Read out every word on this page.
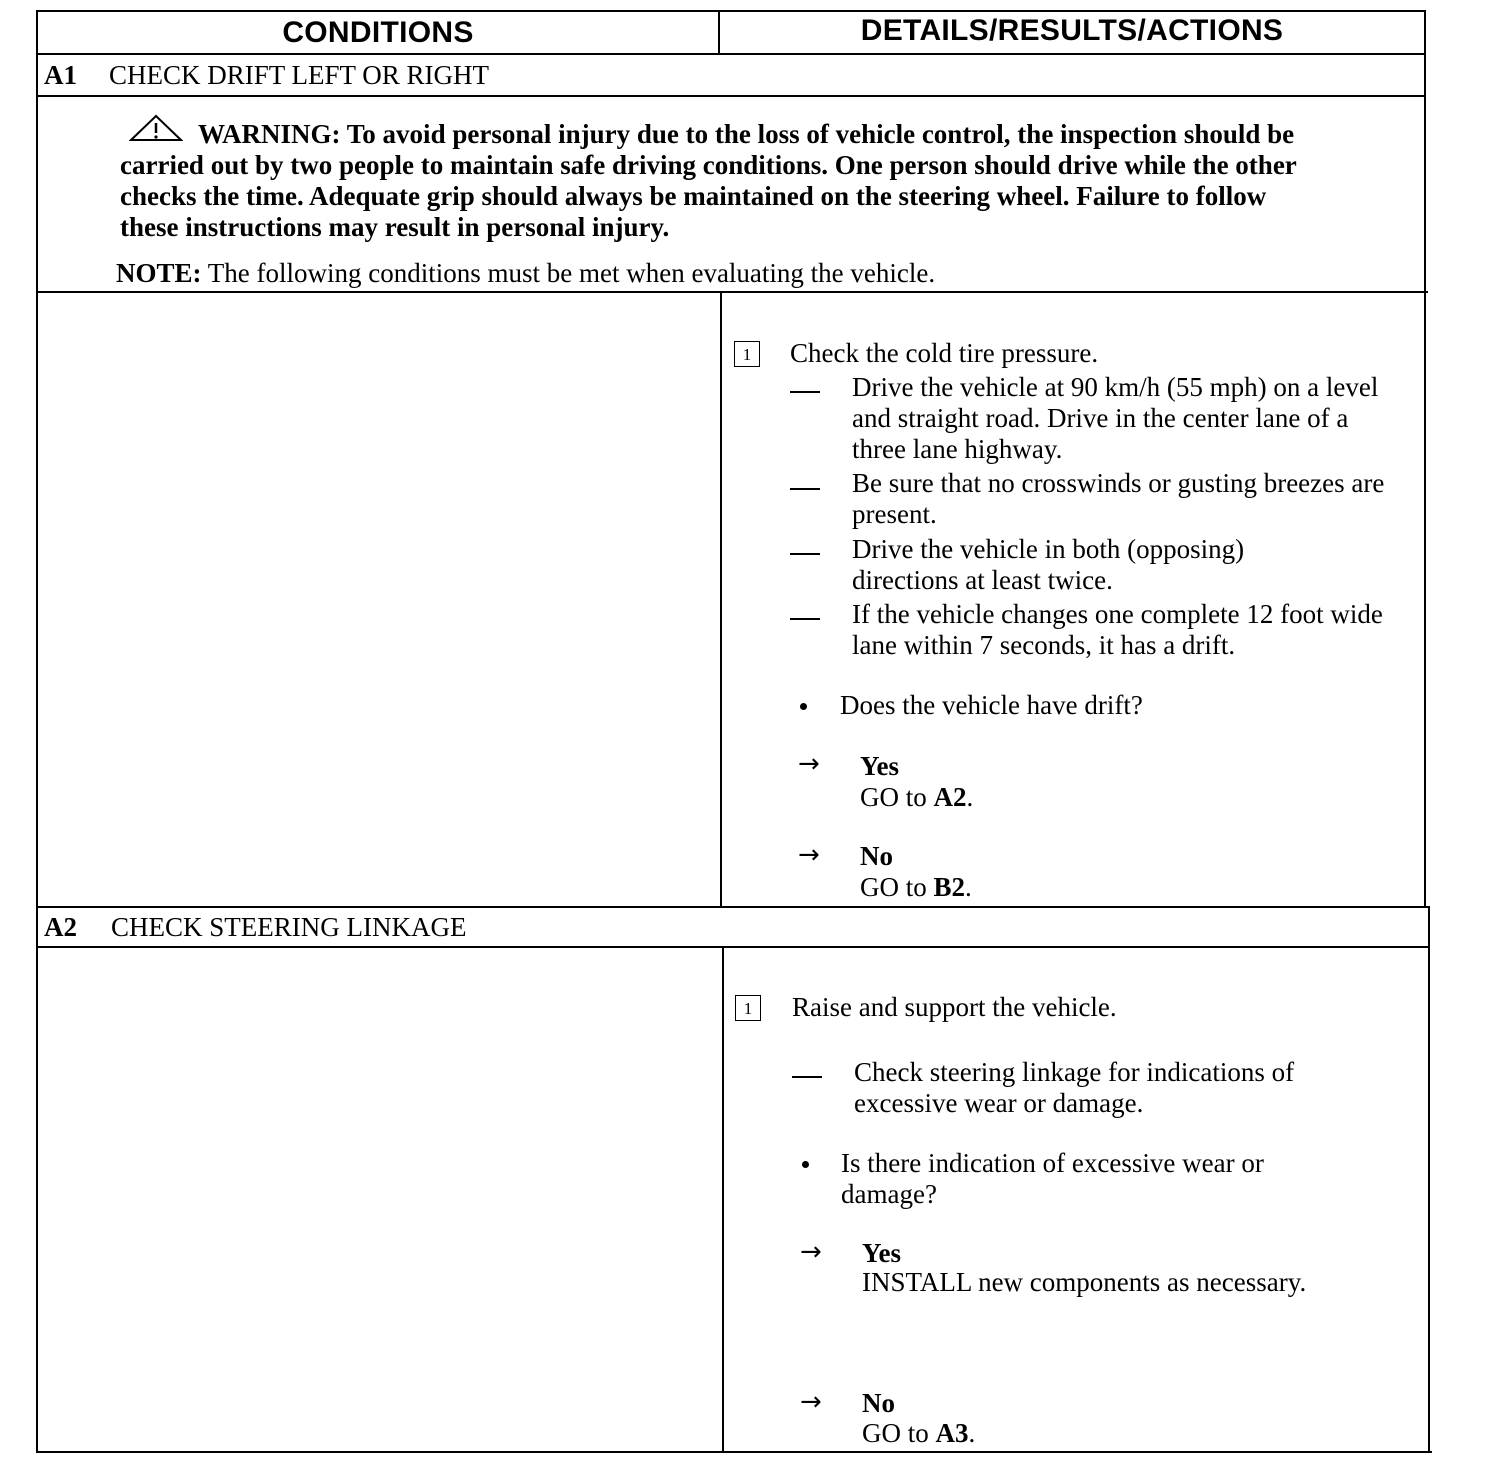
CONDITIONS	DETAILS/RESULTS/ACTIONS
A1 CHECK DRIFT LEFT OR RIGHT
WARNING: To avoid personal injury due to the loss of vehicle control, the inspection should be carried out by two people to maintain safe driving conditions. One person should drive while the other checks the time. Adequate grip should always be maintained on the steering wheel. Failure to follow these instructions may result in personal injury.
NOTE: The following conditions must be met when evaluating the vehicle.
1	Check the cold tire pressure.
Drive the vehicle at 90 km/h (55 mph) on a level and straight road. Drive in the center lane of a three lane highway.
Be sure that no crosswinds or gusting breezes are present.
Drive the vehicle in both (opposing) directions at least twice.
If the vehicle changes one complete 12 foot wide lane within 7 seconds, it has a drift.
Does the vehicle have drift?
→ Yes
GO to A2.
→ No
GO to B2.
A2 CHECK STEERING LINKAGE
1	Raise and support the vehicle.
Check steering linkage for indications of excessive wear or damage.
Is there indication of excessive wear or damage?
→ Yes
INSTALL new components as necessary.
→ No
GO to A3.
